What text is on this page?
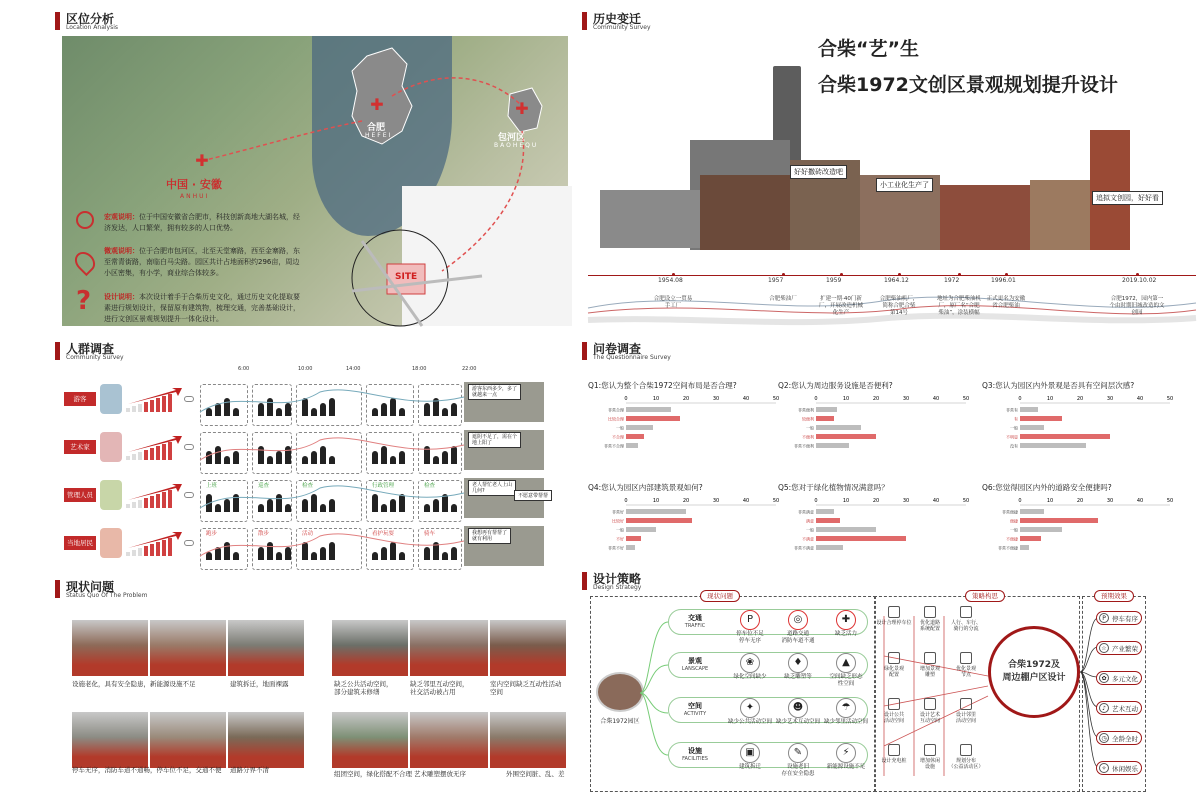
区位分析
Location Analysis
历史变迁
Community Survey
人群调查
Community Survey
问卷调查
The Questionnaire Survey
现状问题
Status Quo Of The Problem
设计策略
Design Strategy
✚
✚	✚
中国 · 安徽
ANHUI
合肥
HEFEI	包河区
BAOHEQU
SITE
?
宏观说明：位于中国安徽省合肥市，科技创新高地大湖名城，经济发达，人口繁荣，拥有较多的人口优势。
微观说明：位于合肥市包河区，北至天堂寨路，西至金寨路，东至常青街路，南临白马尖路。园区共计占地面积约296亩，周边小区密集，有小学，商业综合体较多。
设计说明：本次设计着手于合柴历史文化，通过历史文化提取要素进行规划设计，保留原有建筑物，梳理交通，完善基础设计，进行文创区景观规划提升一体化设计。
合柴“艺”生
合柴1972文创区景观规划提升设计
好好撒砖改造吧
小工业化生产了
追拟文创园，好好看
1954.08
合肥设立一贸易
手工厂
1957
合肥柴油厂
1959
扩建一期·40门新
厂，开展改造机械
化生产
1964.12
合肥柴油机厂，
简称合肥合柴
第14号
1972
地址为合肥柴油机
厂，原厂名“合肥
柴油”，涂装横幅
1996.01
正式更名为安徽
省合肥柴油
2019.10.02
合肥1972，园内第一
个由时期旧城改造的文
创园
6:00	10:00	14:00	18:00	22:00
游客
游客东西多少，多了
就越来一点
艺术家
遮阴不足了，需在个
地上阳了
管理人员
老人帮忙老人上山
几何?
不愿意带帮帮
当地居民
我想再有帮帮了
就有利用
上班	巡查	检查	行政管理	检查
跑步	散步	活动	看护玩耍	骑车
设施老化，具有安全隐患，新能源设施不足	建筑拆迁，地面裸露	缺乏公共活动空间，
部分建筑未修缮
缺乏邻里互动空间，
社交活动被占用
室内空间缺乏互动性活动
空间
停车无序，消防车道不通畅，停车位不足，交通不便 道路分界不清	组团空间，绿化搭配不合理 艺术雕塑摆放无序	外围空间脏、乱、差
Q1:您认为整个合柴1972空间布局是否合理?
0	10	20	30	40	50
非常合理
比较合理
一般
不合理
非常不合理
Q2:您认为周边服务设施是否便利?
0	10	20	30	40	50
非常便利
较便利
一般
不便利
非常不便利
Q3:您认为园区内外景观是否具有空间层次感?
0	10	20	30	40	50
非常有
有
一般
不明显
没有
Q4:您认为园区内部建筑景观如何?
0	10	20	30	40	50
非常好
比较好
一般
不好
非常不好
Q5:您对于绿化植物情况满意吗？
0	10	20	30	40	50
非常满意
满意
一般
不满意
非常不满意
Q6:您觉得园区内外的道路安全便捷吗?
0	10	20	30	40	50
非常便捷
便捷
一般
不便捷
非常不便捷
现状问题	策略构思	预期效果
合柴1972园区
交通
TRAFFIC
P
停车位不足
停车无序
◎
道路交通
消防车道不通
✚
缺乏活力
景观
LANSCAPE
❀
绿化空间缺少
♦
缺乏雕塑等
▲
空间缺乏形态
性空间
空间
ACTIVITY
✦
缺少公共活动空间
☻
缺少艺术互动空间
☂
缺少邻里活动空间
设施
FACILITIES
▣
建筑拆迁
✎
设施老旧
存在安全隐患
⚡
新能源设施不足
设计合理停车位	优化道路
系统配置
人行、车行、
骑行的分流
绿化景观
配置
增加景观
雕塑
优化景观
节点
设计公共
活动空间
设计艺术
互动空间
设计邻里
活动空间
设计充电桩	增加休闲
设施
规划分布
（公益活动区）
合柴1972及
周边棚户区设计
P 停车有序
☆ 产业繁荣
✿ 多元文化
♪ 艺术互动
◷ 全龄全时
✧ 休闲娱乐
